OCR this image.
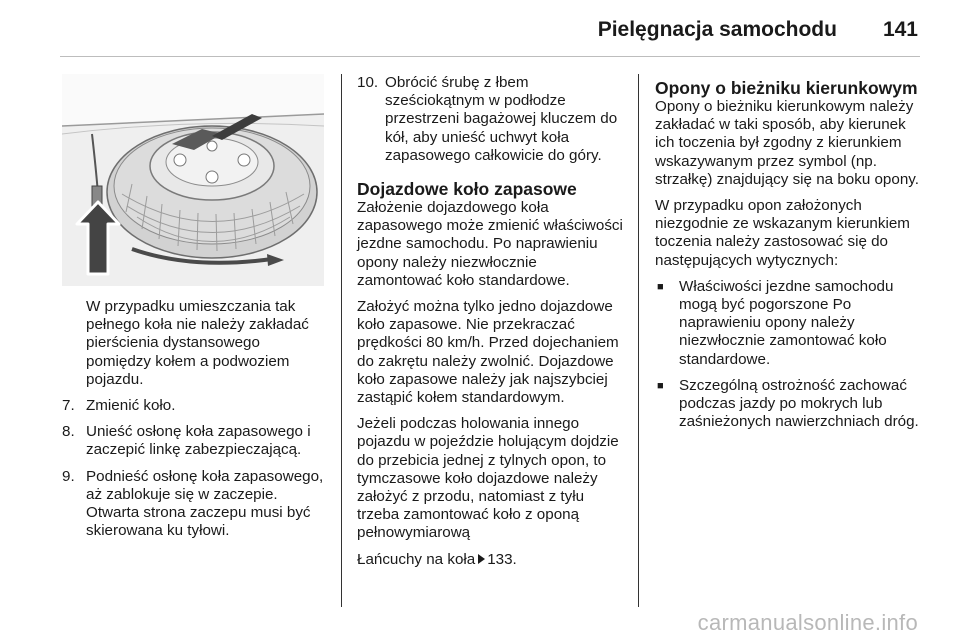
Pielęgnacja samochodu 141

W przypadku umieszczania tak pełnego koła nie należy zakładać pierścienia dystansowego pomiędzy kołem a podwoziem pojazdu.

7. Zmienić koło.
8. Unieść osłonę koła zapasowego i zaczepić linkę zabezpieczającą.
9. Podnieść osłonę koła zapasowego, aż zablokuje się w zaczepie. Otwarta strona zaczepu musi być skierowana ku tyłowi.
10. Obrócić śrubę z łbem sześciokątnym w podłodze przestrzeni bagażowej kluczem do kół, aby unieść uchwyt koła zapasowego całkowicie do góry.
Dojazdowe koło zapasowe

Założenie dojazdowego koła zapasowego może zmienić właściwości jezdne samochodu. Po naprawieniu opony należy niezwłocznie zamontować koło standardowe.

Założyć można tylko jedno dojazdowe koło zapasowe. Nie przekraczać prędkości 80 km/h. Przed dojechaniem do zakrętu należy zwolnić. Dojazdowe koło zapasowe należy jak najszybciej zastąpić kołem standardowym.

Jeżeli podczas holowania innego pojazdu w pojeździe holującym dojdzie do przebicia jednej z tylnych opon, to tymczasowe koło dojazdowe należy założyć z przodu, natomiast z tyłu trzeba zamontować koło z oponą pełnowymiarową

Łańcuchy na koła 133.

Opony o bieżniku kierunkowym

Opony o bieżniku kierunkowym należy zakładać w taki sposób, aby kierunek ich toczenia był zgodny z kierunkiem wskazywanym przez symbol (np. strzałkę) znajdujący się na boku opony.

W przypadku opon założonych niezgodnie ze wskazanym kierunkiem toczenia należy zastosować się do następujących wytycznych:

■	Właściwości jezdne samochodu mogą być pogorszone Po naprawieniu opony należy niezwłocznie zamontować koło standardowe.
■	Szczególną ostrożność zachować podczas jazdy po mokrych lub zaśnieżonych nawierzchniach dróg.
carmanualsonline.info
